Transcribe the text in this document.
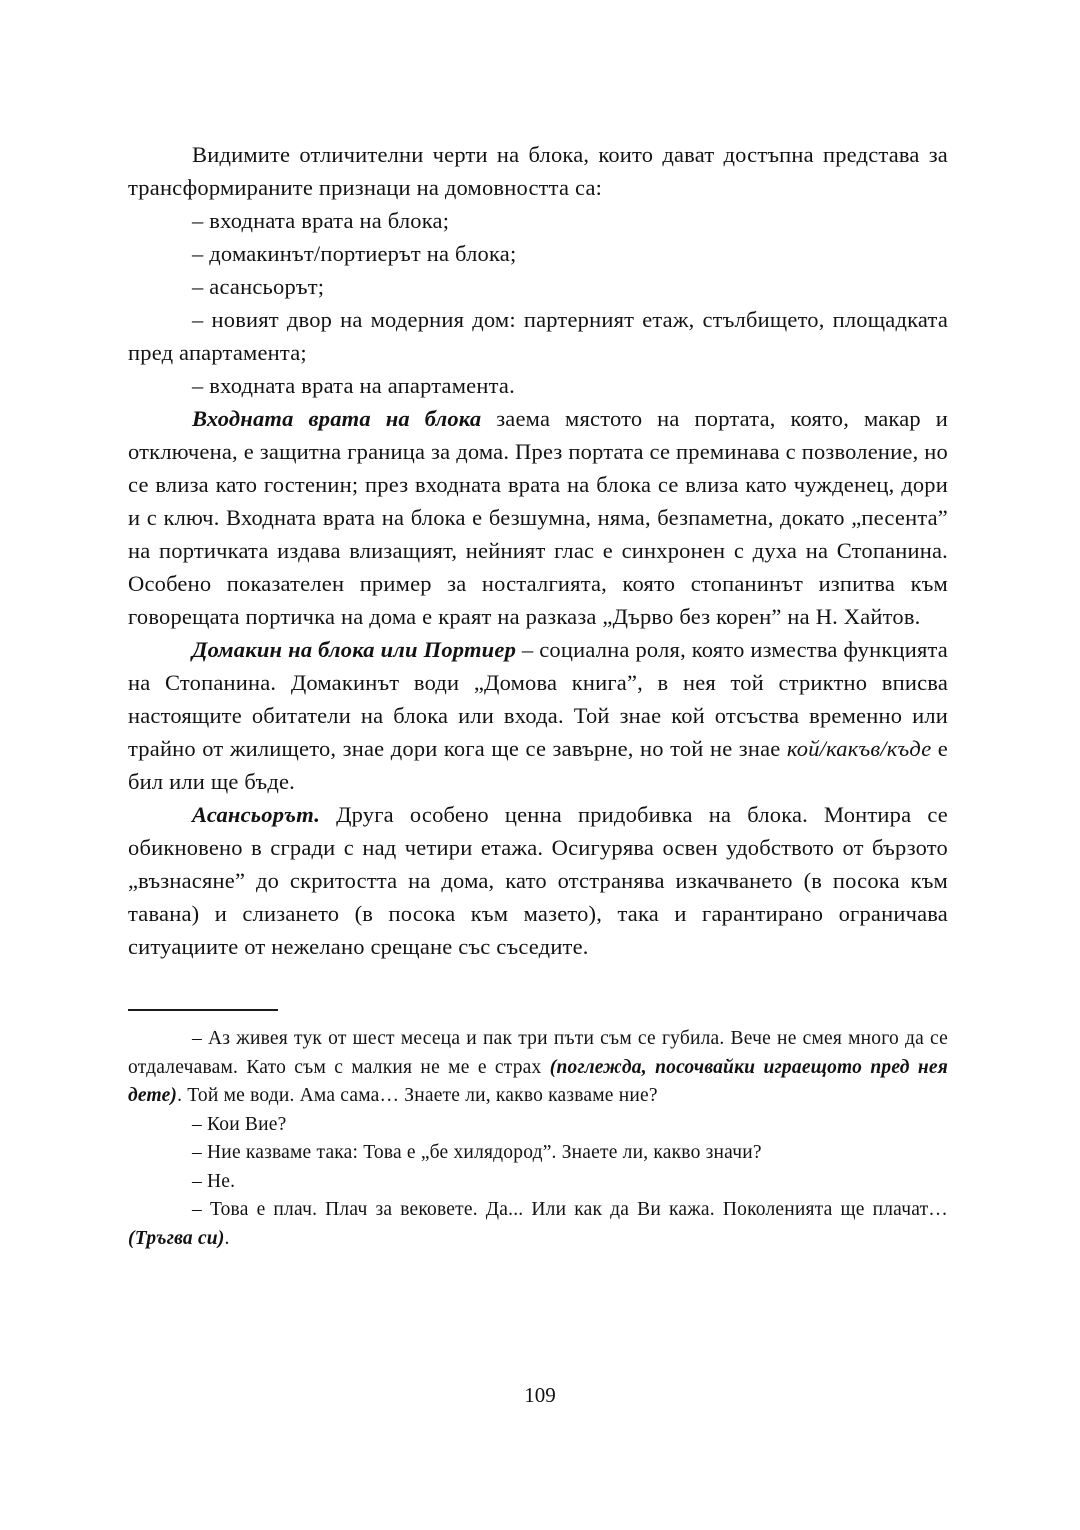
Видимите отличителни черти на блока, които дават достъпна представа за трансформираните признаци на домовността са:

– входната врата на блока;

– домакинът/портиерът на блока;

– асансьорът;

– новият двор на модерния дом: партерният етаж, стълбището, площадката пред апартамента;

– входната врата на апартамента.

Входната врата на блока заема мястото на портата, която, макар и отключена, е защитна граница за дома. През портата се преминава с позволение, но се влиза като гостенин; през входната врата на блока се влиза като чужденец, дори и с ключ. Входната врата на блока е безшумна, няма, безпаметна, докато „песента” на портичката издава влизащият, нейният глас е синхронен с духа на Стопанина. Особено показателен пример за носталгията, която стопанинът изпитва към говорещата портичка на дома е краят на разказа „Дърво без корен” на Н. Хайтов.

Домакин на блока или Портиер – социална роля, която измества функцията на Стопанина. Домакинът води „Домова книга”, в нея той стриктно вписва настоящите обитатели на блока или входа. Той знае кой отсъства временно или трайно от жилището, знае дори кога ще се завърне, но той не знае кой/какъв/къде е бил или ще бъде.

Асансьорът. Друга особено ценна придобивка на блока. Монтира се обикновено в сгради с над четири етажа. Осигурява освен удобството от бързото „възнасяне” до скритостта на дома, като отстранява изкачването (в посока към тавана) и слизането (в посока към мазето), така и гарантирано ограничава ситуациите от нежелано срещане със съседите.

– Аз живея тук от шест месеца и пак три пъти съм се губила. Вече не смея много да се отдалечавам. Като съм с малкия не ме е страх (поглежда, посочвайки играещото пред нея дете). Той ме води. Ама сама… Знаете ли, какво казваме ние?

– Кои Вие?

– Ние казваме така: Това е „бе хилядород”. Знаете ли, какво значи?

– Не.

– Това е плач. Плач за вековете. Да... Или как да Ви кажа. Поколенията ще плачат…(Тръгва си).

109
